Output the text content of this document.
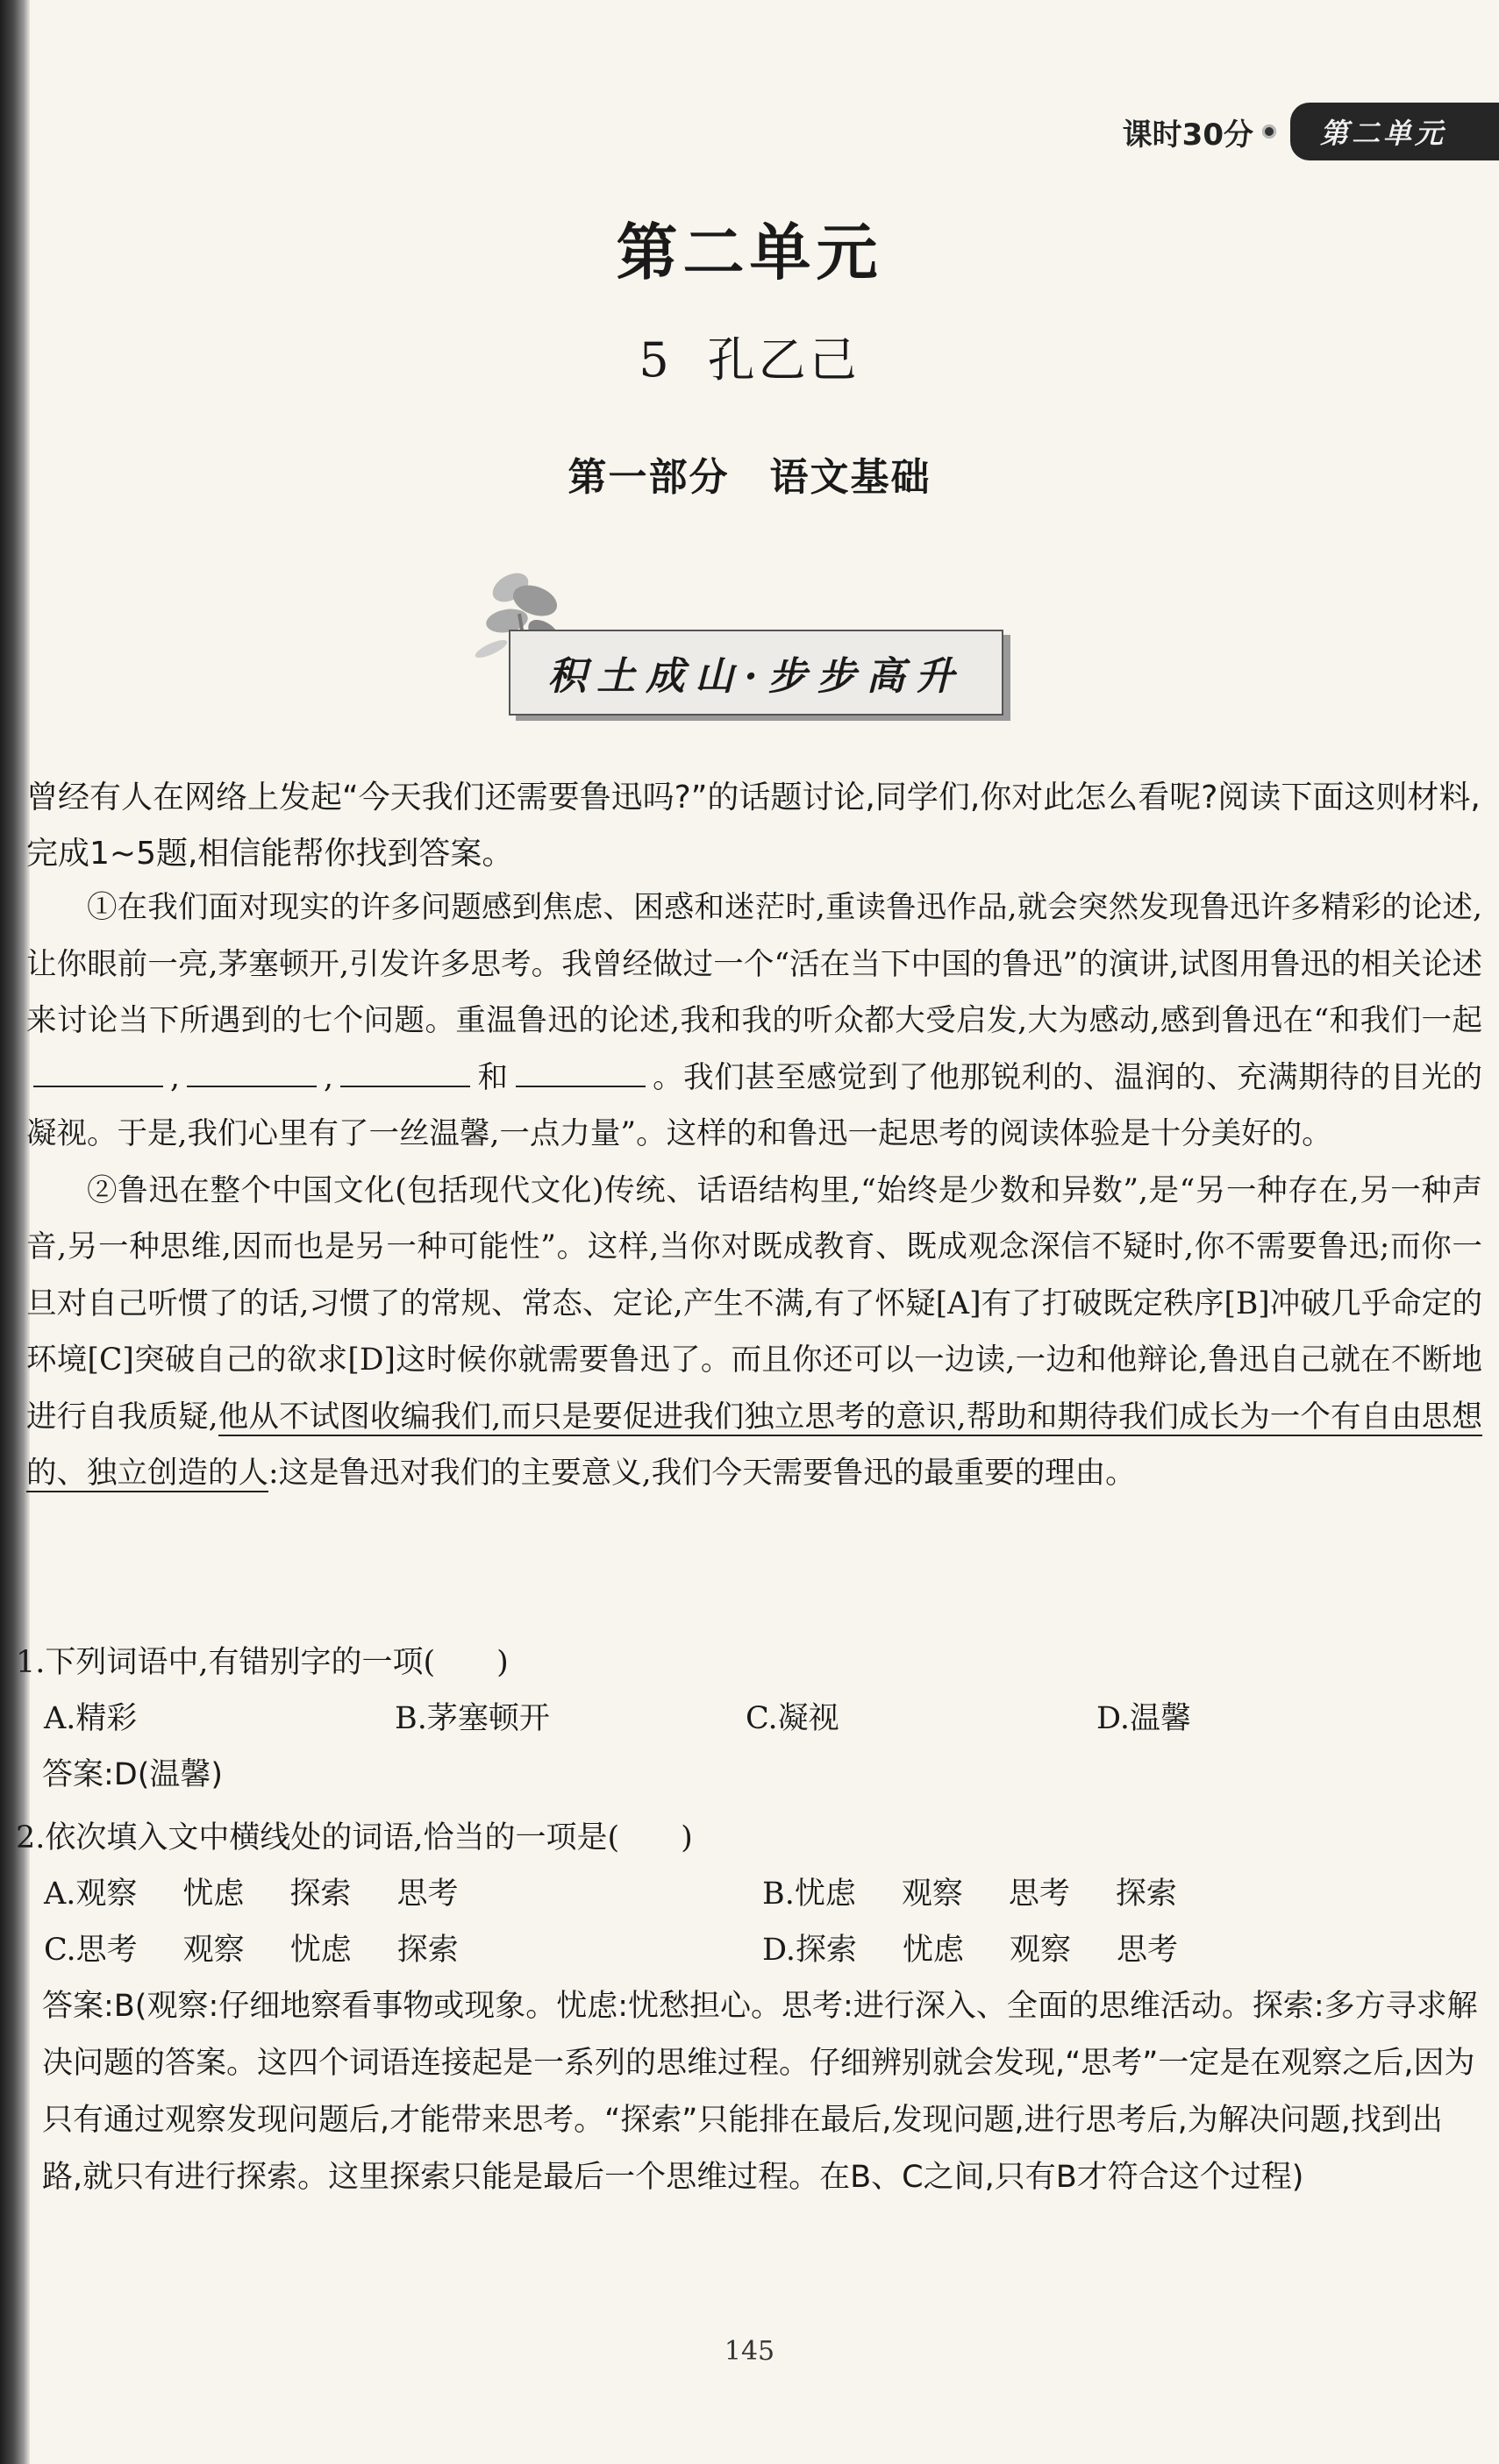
课时30分	第二单元
第二单元
5 孔乙己
第一部分 语文基础
积土成山·步步高升
曾经有人在网络上发起“今天我们还需要鲁迅吗?”的话题讨论,同学们,你对此怎么看呢?阅读下面这则材料,完成1~5题,相信能帮你找到答案。

①在我们面对现实的许多问题感到焦虑、困惑和迷茫时,重读鲁迅作品,就会突然发现鲁迅许多精彩的论述,让你眼前一亮,茅塞顿开,引发许多思考。我曾经做过一个“活在当下中国的鲁迅”的演讲,试图用鲁迅的相关论述来讨论当下所遇到的七个问题。重温鲁迅的论述,我和我的听众都大受启发,大为感动,感到鲁迅在“和我们一起,	,	和	。我们甚至感觉到了他那锐利的、温润的、充满期待的目光的凝视。于是,我们心里有了一丝温馨,一点力量”。这样的和鲁迅一起思考的阅读体验是十分美好的。

②鲁迅在整个中国文化(包括现代文化)传统、话语结构里,“始终是少数和异数”,是“另一种存在,另一种声音,另一种思维,因而也是另一种可能性”。这样,当你对既成教育、既成观念深信不疑时,你不需要鲁迅;而你一旦对自己听惯了的话,习惯了的常规、常态、定论,产生不满,有了怀疑[A]有了打破既定秩序[B]冲破几乎命定的环境[C]突破自己的欲求[D]这时候你就需要鲁迅了。而且你还可以一边读,一边和他辩论,鲁迅自己就在不断地进行自我质疑,他从不试图收编我们,而只是要促进我们独立思考的意识,帮助和期待我们成长为一个有自由思想的、独立创造的人:这是鲁迅对我们的主要意义,我们今天需要鲁迅的最重要的理由。

1.下列词语中,有错别字的一项(　　)
A.精彩	B.茅塞顿开	C.凝视	D.温馨
答案:D(温馨)
2.依次填入文中横线处的词语,恰当的一项是(　　)
A.观察 忧虑 探索 思考	B.忧虑 观察 思考 探索
C.思考 观察 忧虑 探索	D.探索 忧虑 观察 思考
答案:B(观察:仔细地察看事物或现象。忧虑:忧愁担心。思考:进行深入、全面的思维活动。探索:多方寻求解决问题的答案。这四个词语连接起是一系列的思维过程。仔细辨别就会发现,“思考”一定是在观察之后,因为只有通过观察发现问题后,才能带来思考。“探索”只能排在最后,发现问题,进行思考后,为解决问题,找到出路,就只有进行探索。这里探索只能是最后一个思维过程。在B、C之间,只有B才符合这个过程)
145
